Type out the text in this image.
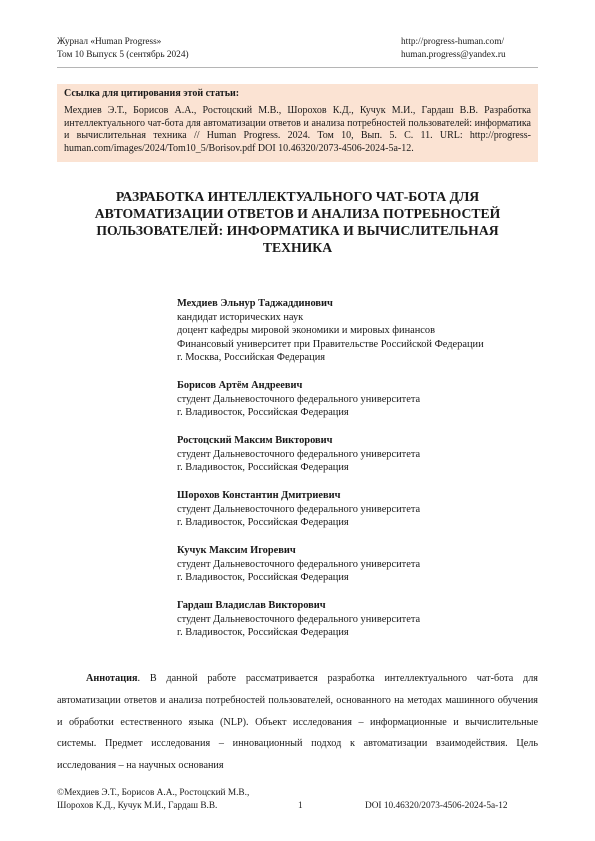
Журнал «Human Progress»
Том 10 Выпуск 5 (сентябрь 2024)
http://progress-human.com/
human.progress@yandex.ru
Ссылка для цитирования этой статьи:
Мехдиев Э.Т., Борисов А.А., Ростоцский М.В., Шорохов К.Д., Кучук М.И., Гардаш В.В. Разработка интеллектуального чат-бота для автоматизации ответов и анализа потребностей пользователей: информатика и вычислительная техника // Human Progress. 2024. Том 10, Вып. 5. С. 11. URL: http://progress-human.com/images/2024/Tom10_5/Borisov.pdf DOI 10.46320/2073-4506-2024-5a-12.
РАЗРАБОТКА ИНТЕЛЛЕКТУАЛЬНОГО ЧАТ-БОТА ДЛЯ
АВТОМАТИЗАЦИИ ОТВЕТОВ И АНАЛИЗА ПОТРЕБНОСТЕЙ
ПОЛЬЗОВАТЕЛЕЙ: ИНФОРМАТИКА И ВЫЧИСЛИТЕЛЬНАЯ
ТЕХНИКА
Мехдиев Эльнур Таджаддинович
кандидат исторических наук
доцент кафедры мировой экономики и мировых финансов
Финансовый университет при Правительстве Российской Федерации
г. Москва, Российская Федерация
Борисов Артём Андреевич
студент Дальневосточного федерального университета
г. Владивосток, Российская Федерация
Ростоцский Максим Викторович
студент Дальневосточного федерального университета
г. Владивосток, Российская Федерация
Шорохов Константин Дмитриевич
студент Дальневосточного федерального университета
г. Владивосток, Российская Федерация
Кучук Максим Игоревич
студент Дальневосточного федерального университета
г. Владивосток, Российская Федерация
Гардаш Владислав Викторович
студент Дальневосточного федерального университета
г. Владивосток, Российская Федерация

Аннотация. В данной работе рассматривается разработка интеллектуального чат-бота для автоматизации ответов и анализа потребностей пользователей, основанного на методах машинного обучения и обработки естественного языка (NLP). Объект исследования – информационные и вычислительные системы. Предмет исследования – инновационный подход к автоматизации взаимодействия. Цель исследования – на научных основания

©Мехдиев Э.Т., Борисов А.А., Ростоцский М.В.,
Шорохов К.Д., Кучук М.И., Гардаш В.В.	1	DOI 10.46320/2073-4506-2024-5a-12
